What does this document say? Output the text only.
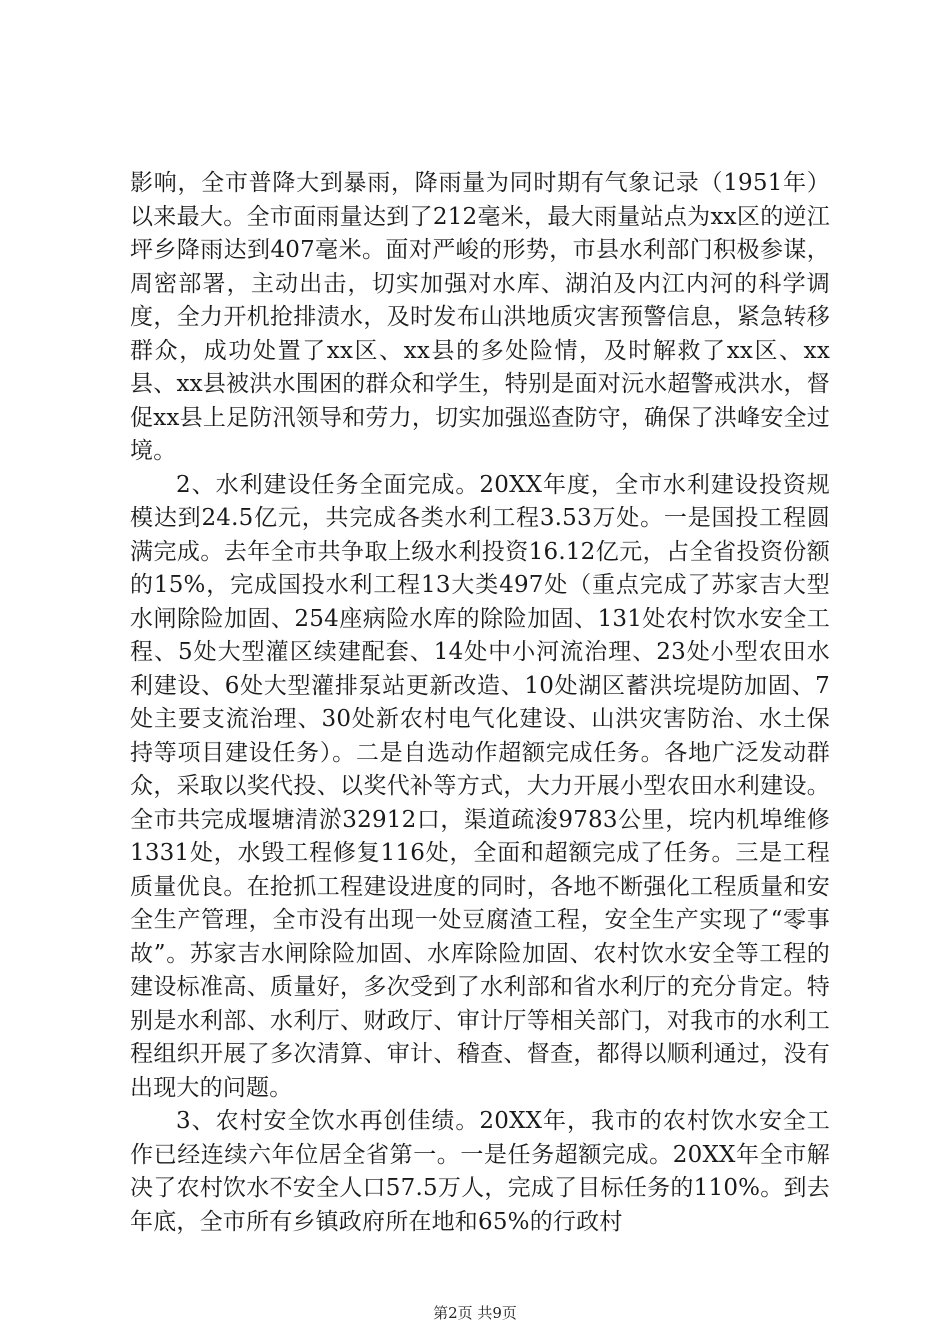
影响，全市普降大到暴雨，降雨量为同时期有气象记录（1951年）以来最大。全市面雨量达到了212毫米，最大雨量站点为xx区的逆江坪乡降雨达到407毫米。面对严峻的形势，市县水利部门积极参谋，周密部署，主动出击，切实加强对水库、湖泊及内江内河的科学调度，全力开机抢排渍水，及时发布山洪地质灾害预警信息，紧急转移群众，成功处置了xx区、xx县的多处险情，及时解救了xx区、xx县、xx县被洪水围困的群众和学生，特别是面对沅水超警戒洪水，督促xx县上足防汛领导和劳力，切实加强巡查防守，确保了洪峰安全过境。

2、水利建设任务全面完成。20XX年度，全市水利建设投资规模达到24.5亿元，共完成各类水利工程3.53万处。一是国投工程圆满完成。去年全市共争取上级水利投资16.12亿元，占全省投资份额的15%，完成国投水利工程13大类497处（重点完成了苏家吉大型水闸除险加固、254座病险水库的除险加固、131处农村饮水安全工程、5处大型灌区续建配套、14处中小河流治理、23处小型农田水利建设、6处大型灌排泵站更新改造、10处湖区蓄洪垸堤防加固、7处主要支流治理、30处新农村电气化建设、山洪灾害防治、水土保持等项目建设任务）。二是自选动作超额完成任务。各地广泛发动群众，采取以奖代投、以奖代补等方式，大力开展小型农田水利建设。全市共完成堰塘清淤32912口，渠道疏浚9783公里，垸内机埠维修1331处，水毁工程修复116处，全面和超额完成了任务。三是工程质量优良。在抢抓工程建设进度的同时，各地不断强化工程质量和安全生产管理，全市没有出现一处豆腐渣工程，安全生产实现了“零事故”。苏家吉水闸除险加固、水库除险加固、农村饮水安全等工程的建设标准高、质量好，多次受到了水利部和省水利厅的充分肯定。特别是水利部、水利厅、财政厅、审计厅等相关部门，对我市的水利工程组织开展了多次清算、审计、稽查、督查，都得以顺利通过，没有出现大的问题。

3、农村安全饮水再创佳绩。20XX年，我市的农村饮水安全工作已经连续六年位居全省第一。一是任务超额完成。20XX年全市解决了农村饮水不安全人口57.5万人，完成了目标任务的110%。到去年底，全市所有乡镇政府所在地和65%的行政村

第2页 共9页
